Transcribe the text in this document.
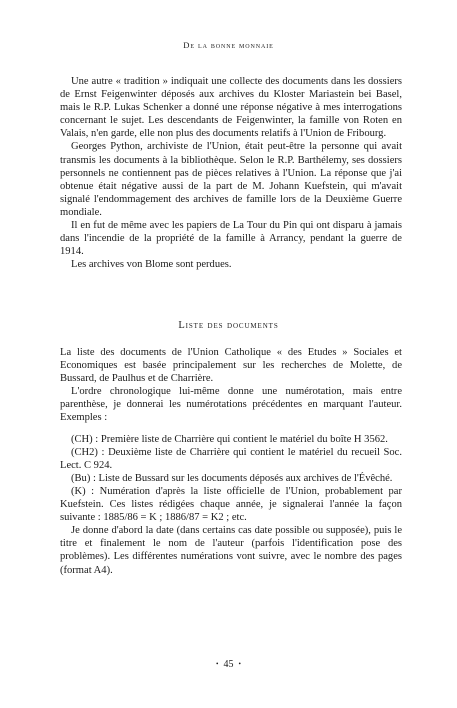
De la bonne monnaie

Une autre « tradition » indiquait une collecte des documents dans les dossiers de Ernst Feigenwinter déposés aux archives du Kloster Mariastein bei Basel, mais le R.P. Lukas Schenker a donné une réponse négative à mes interrogations concernant le sujet. Les descendants de Feigenwinter, la famille von Roten en Valais, n'en garde, elle non plus des documents relatifs à l'Union de Fribourg.

Georges Python, archiviste de l'Union, était peut-être la personne qui avait transmis les documents à la bibliothèque. Selon le R.P. Barthélemy, ses dossiers personnels ne contiennent pas de pièces relatives à l'Union. La réponse que j'ai obtenue était négative aussi de la part de M. Johann Kuefstein, qui m'avait signalé l'endommagement des archives de famille lors de la Deuxième Guerre mondiale.

Il en fut de même avec les papiers de La Tour du Pin qui ont disparu à jamais dans l'incendie de la propriété de la famille à Arrancy, pendant la guerre de 1914.

Les archives von Blome sont perdues.

Liste des documents

La liste des documents de l'Union Catholique « des Etudes » Sociales et Economiques est basée principalement sur les recherches de Molette, de Bussard, de Paulhus et de Charrière.

L'ordre chronologique lui-même donne une numérotation, mais entre parenthèse, je donnerai les numérotations précédentes en marquant l'auteur. Exemples :

(CH) : Première liste de Charrière qui contient le matériel du boîte H 3562.

(CH2) : Deuxième liste de Charrière qui contient le matériel du recueil Soc. Lect. C 924.

(Bu) : Liste de Bussard sur les documents déposés aux archives de l'Évêché.

(K) : Numération d'après la liste officielle de l'Union, probablement par Kuefstein. Ces listes rédigées chaque année, je signalerai l'année la façon suivante : 1885/86 = K ; 1886/87 = K2 ; etc.

Je donne d'abord la date (dans certains cas date possible ou supposée), puis le titre et finalement le nom de l'auteur (parfois l'identification pose des problèmes). Les différentes numérations vont suivre, avec le nombre des pages (format A4).

• 45 •
